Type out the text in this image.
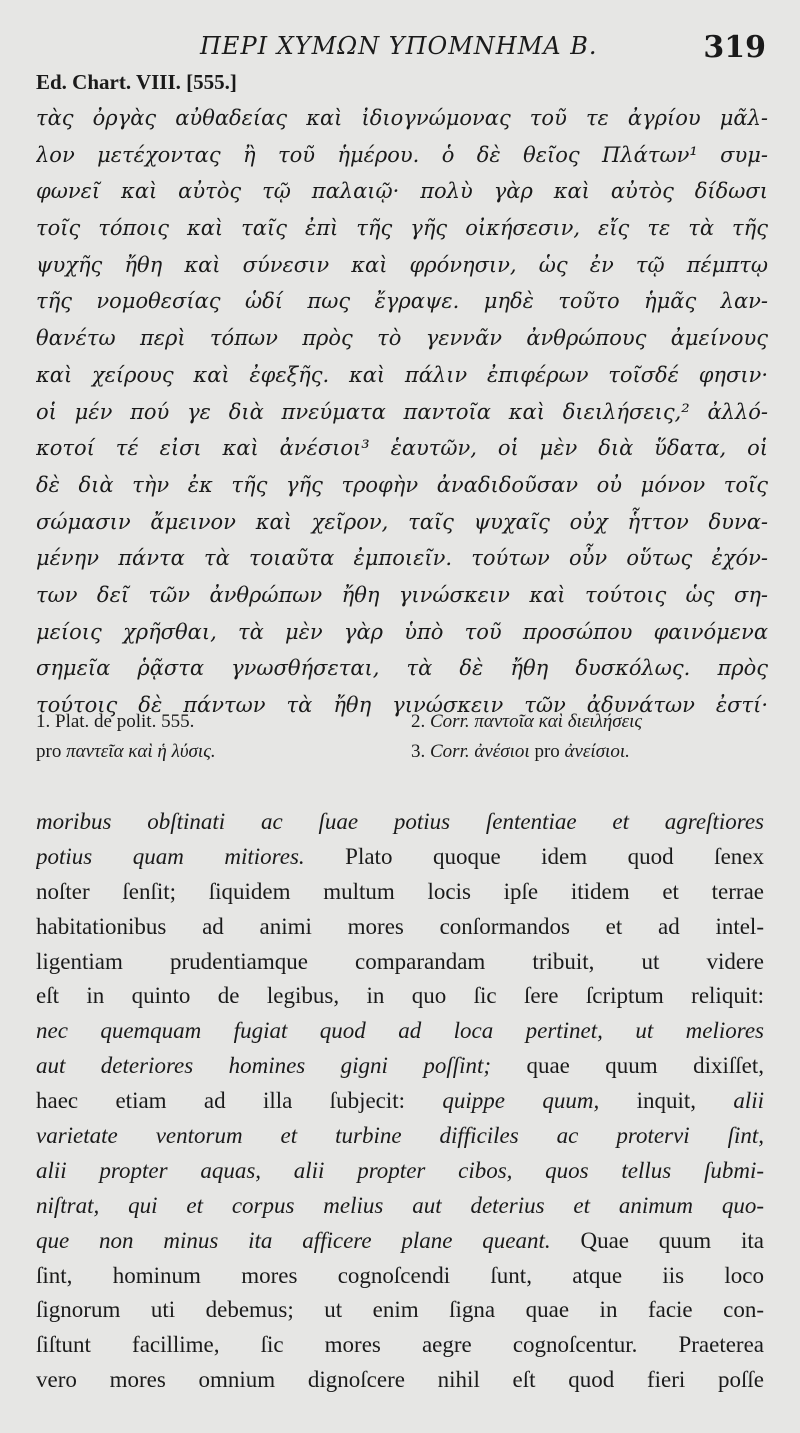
ΠΕΡΙ ΧΥΜΩΝ ΥΠΟΜΝΗΜΑ Β.	319
Ed. Chart. VIII. [555.]
τὰς ὀργὰς αὐθαδείας καὶ ἰδιογνώμονας τοῦ τε ἀγρίου μᾶλ-
λον μετέχοντας ἢ τοῦ ἡμέρου. ὁ δὲ θεῖος Πλάτων¹ συμ-
φωνεῖ καὶ αὐτὸς τῷ παλαιῷ· πολὺ γὰρ καὶ αὐτὸς δίδωσι
τοῖς τόποις καὶ ταῖς ἐπὶ τῆς γῆς οἰκήσεσιν, εἴς τε τὰ τῆς
ψυχῆς ἤθη καὶ σύνεσιν καὶ φρόνησιν, ὡς ἐν τῷ πέμπτῳ
τῆς νομοθεσίας ὡδί πως ἔγραψε. μηδὲ τοῦτο ἡμᾶς λαν-
θανέτω περὶ τόπων πρὸς τὸ γεννᾶν ἀνθρώπους ἀμείνους
καὶ χείρους καὶ ἐφεξῆς. καὶ πάλιν ἐπιφέρων τοῖσδέ φησιν·
οἱ μέν πού γε διὰ πνεύματα παντοῖα καὶ διειλήσεις,² ἀλλό-
κοτοί τέ εἰσι καὶ ἀνέσιοι³ ἑαυτῶν, οἱ μὲν διὰ ὕδατα, οἱ
δὲ διὰ τὴν ἐκ τῆς γῆς τροφὴν ἀναδιδοῦσαν οὐ μόνον τοῖς
σώμασιν ἄμεινον καὶ χεῖρον, ταῖς ψυχαῖς οὐχ ἧττον δυνα-
μένην πάντα τὰ τοιαῦτα ἐμποιεῖν. τούτων οὖν οὕτως ἐχόν-
των δεῖ τῶν ἀνθρώπων ἤθη γινώσκειν καὶ τούτοις ὡς ση-
μείοις χρῆσθαι, τὰ μὲν γὰρ ὑπὸ τοῦ προσώπου φαινόμενα
σημεῖα ῥᾷστα γνωσθήσεται, τὰ δὲ ἤθη δυσκόλως. πρὸς
τούτοις δὲ πάντων τὰ ἤθη γινώσκειν τῶν ἀδυνάτων ἐστί·
1. Plat. de polit. 555.	2. Corr. παντοῖα καὶ διειλήσεις
pro παντεῖα καὶ ἡ λύσις.	3. Corr. ἀνέσιοι pro ἀνείσιοι.
moribus obſtinati ac ſuae potius ſententiae et agreſtiores
potius quam mitiores. Plato quoque idem quod ſenex
noſter ſenſit; ſiquidem multum locis ipſe itidem et terrae
habitationibus ad animi mores conſormandos et ad intel-
ligentiam prudentiamque comparandam tribuit, ut videre
eſt in quinto de legibus, in quo ſic ſere ſcriptum reliquit:
nec quemquam fugiat quod ad loca pertinet, ut meliores
aut deteriores homines gigni poſſint; quae quum dixiſſet,
haec etiam ad illa ſubjecit: quippe quum, inquit, alii
varietate ventorum et turbine difficiles ac protervi ſint,
alii propter aquas, alii propter cibos, quos tellus ſubmi-
niſtrat, qui et corpus melius aut deterius et animum quo-
que non minus ita afficere plane queant. Quae quum ita
ſint, hominum mores cognoſcendi ſunt, atque iis loco
ſignorum uti debemus; ut enim ſigna quae in facie con-
ſiſtunt facillime, ſic mores aegre cognoſcentur. Praeterea
vero mores omnium dignoſcere nihil eſt quod fieri poſſe
